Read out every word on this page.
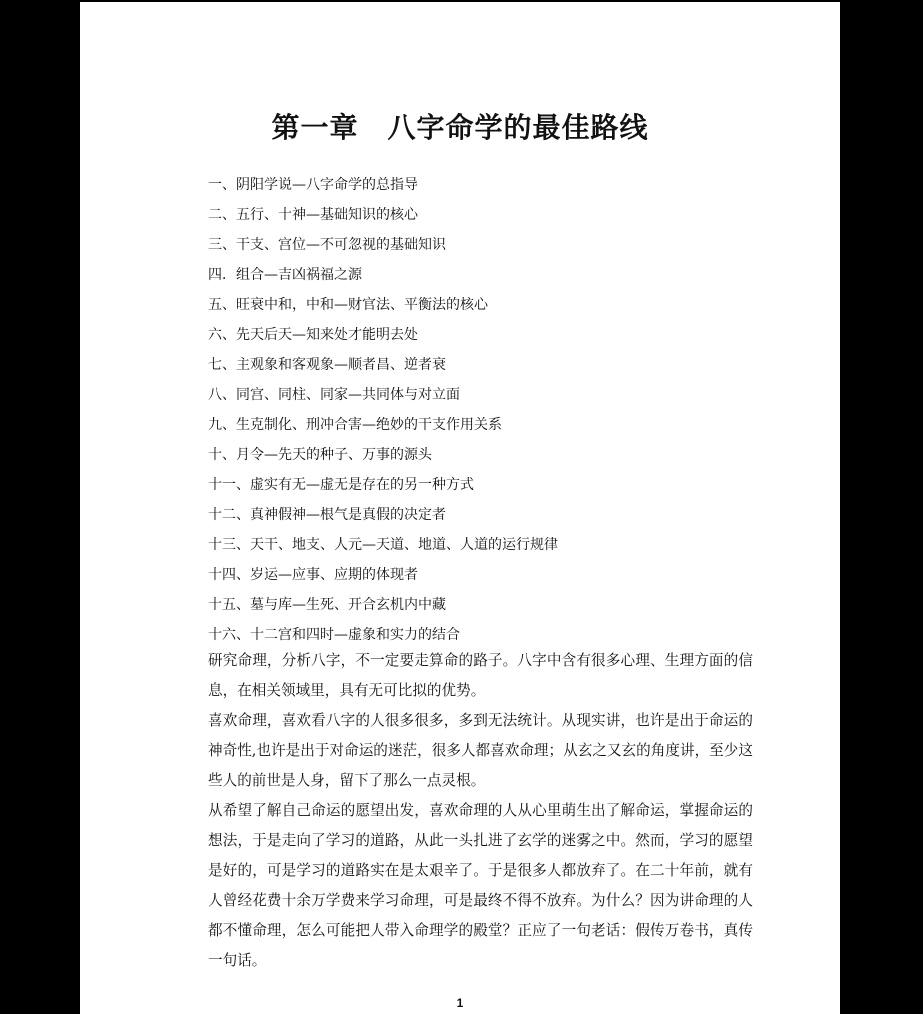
第一章　八字命学的最佳路线
一、阴阳学说—八字命学的总指导
二、五行、十神—基础知识的核心
三、干支、宫位—不可忽视的基础知识
四．组合—吉凶祸福之源
五、旺衰中和，中和—财官法、平衡法的核心
六、先天后天—知来处才能明去处
七、主观象和客观象—顺者昌、逆者衰
八、同宫、同柱、同家—共同体与对立面
九、生克制化、刑冲合害—绝妙的干支作用关系
十、月令—先天的种子、万事的源头
十一、虚实有无—虚无是存在的另一种方式
十二、真神假神—根气是真假的决定者
十三、天干、地支、人元—天道、地道、人道的运行规律
十四、岁运—应事、应期的体现者
十五、墓与库—生死、开合玄机内中藏
十六、十二宫和四时—虚象和实力的结合

研究命理，分析八字，不一定要走算命的路子。八字中含有很多心理、生理方面的信息，在相关领域里，具有无可比拟的优势。

喜欢命理，喜欢看八字的人很多很多，多到无法统计。从现实讲，也许是出于命运的神奇性,也许是出于对命运的迷茫，很多人都喜欢命理；从玄之又玄的角度讲，至少这些人的前世是人身，留下了那么一点灵根。

从希望了解自己命运的愿望出发，喜欢命理的人从心里萌生出了解命运，掌握命运的想法，于是走向了学习的道路，从此一头扎进了玄学的迷雾之中。然而，学习的愿望是好的，可是学习的道路实在是太艰辛了。于是很多人都放弃了。在二十年前，就有人曾经花费十余万学费来学习命理，可是最终不得不放弃。为什么？因为讲命理的人都不懂命理，怎么可能把人带入命理学的殿堂？正应了一句老话：假传万卷书，真传一句话。

1
